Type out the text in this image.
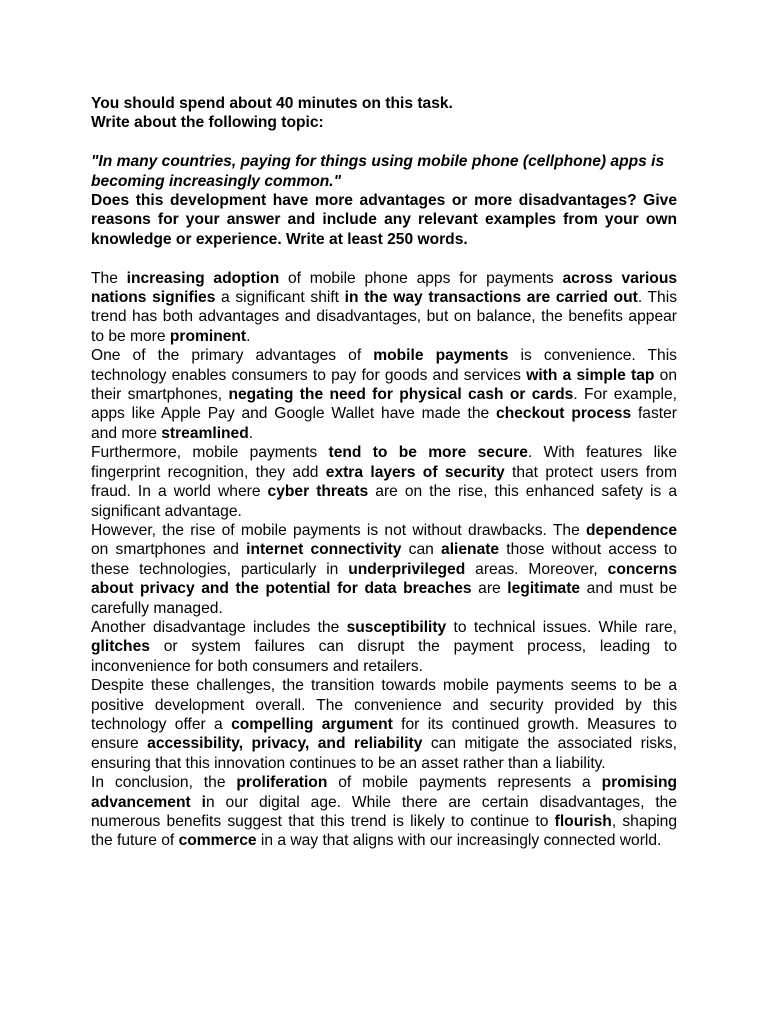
You should spend about 40 minutes on this task.

Write about the following topic:

"In many countries, paying for things using mobile phone (cellphone) apps is becoming increasingly common."

Does this development have more advantages or more disadvantages? Give reasons for your answer and include any relevant examples from your own knowledge or experience. Write at least 250 words.

The increasing adoption of mobile phone apps for payments across various nations signifies a significant shift in the way transactions are carried out. This trend has both advantages and disadvantages, but on balance, the benefits appear to be more prominent.

One of the primary advantages of mobile payments is convenience. This technology enables consumers to pay for goods and services with a simple tap on their smartphones, negating the need for physical cash or cards. For example, apps like Apple Pay and Google Wallet have made the checkout process faster and more streamlined.

Furthermore, mobile payments tend to be more secure. With features like fingerprint recognition, they add extra layers of security that protect users from fraud. In a world where cyber threats are on the rise, this enhanced safety is a significant advantage.

However, the rise of mobile payments is not without drawbacks. The dependence on smartphones and internet connectivity can alienate those without access to these technologies, particularly in underprivileged areas. Moreover, concerns about privacy and the potential for data breaches are legitimate and must be carefully managed.

Another disadvantage includes the susceptibility to technical issues. While rare, glitches or system failures can disrupt the payment process, leading to inconvenience for both consumers and retailers.

Despite these challenges, the transition towards mobile payments seems to be a positive development overall. The convenience and security provided by this technology offer a compelling argument for its continued growth. Measures to ensure accessibility, privacy, and reliability can mitigate the associated risks, ensuring that this innovation continues to be an asset rather than a liability.

In conclusion, the proliferation of mobile payments represents a promising advancement in our digital age. While there are certain disadvantages, the numerous benefits suggest that this trend is likely to continue to flourish, shaping the future of commerce in a way that aligns with our increasingly connected world.
